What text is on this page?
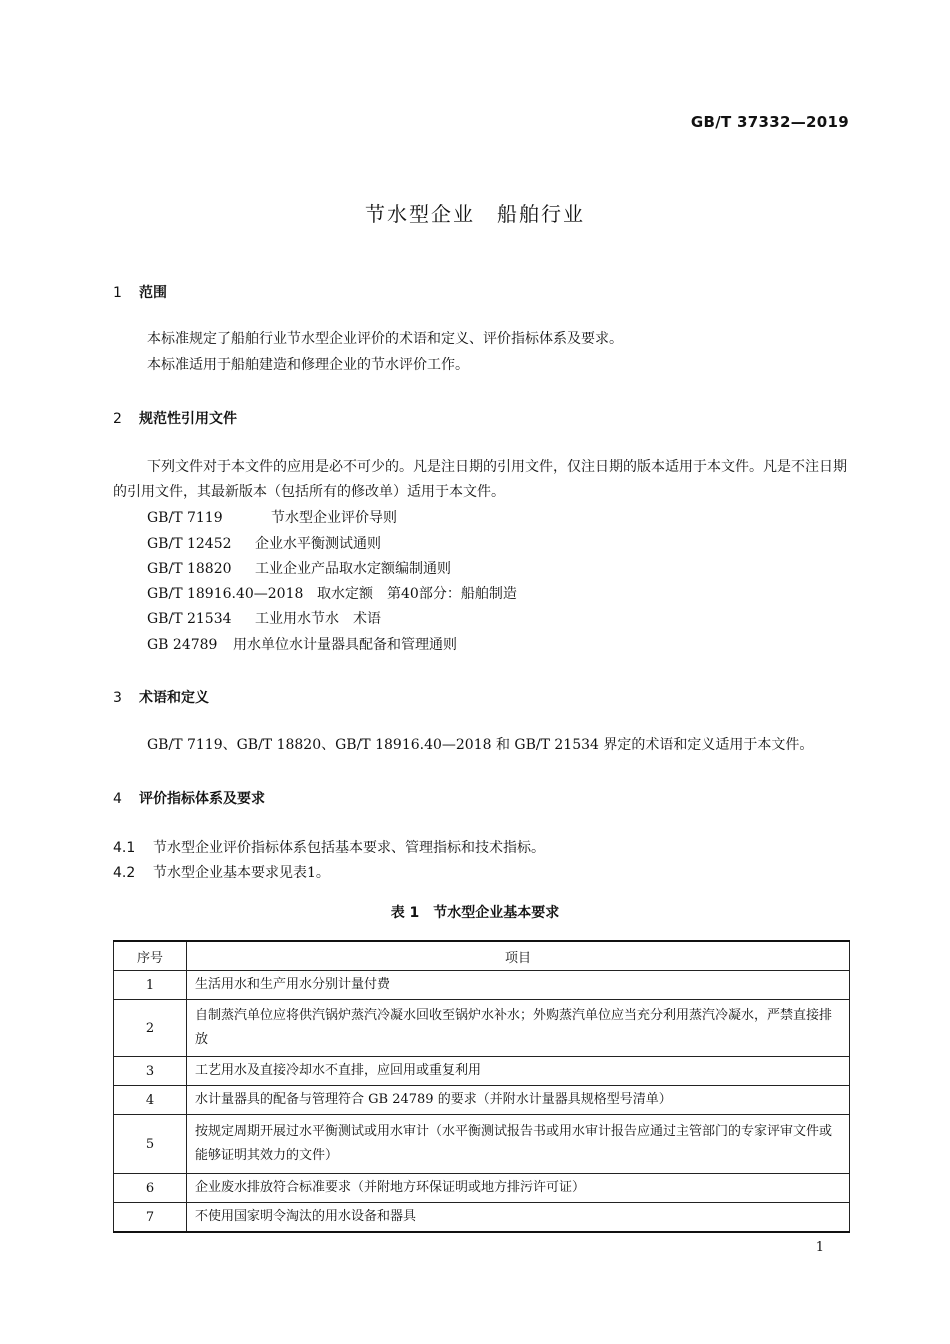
GB/T 37332—2019
节水型企业　船舶行业
1 范围
本标准规定了船舶行业节水型企业评价的术语和定义、评价指标体系及要求。
本标准适用于船舶建造和修理企业的节水评价工作。
2 规范性引用文件
下列文件对于本文件的应用是必不可少的。凡是注日期的引用文件，仅注日期的版本适用于本文件。凡是不注日期的引用文件，其最新版本（包括所有的修改单）适用于本文件。
GB/T 7119	节水型企业评价导则
GB/T 12452 企业水平衡测试通则
GB/T 18820 工业企业产品取水定额编制通则
GB/T 18916.40—2018 取水定额　第40部分：船舶制造
GB/T 21534 工业用水节水　术语
GB 24789 用水单位水计量器具配备和管理通则
3 术语和定义
GB/T 7119、GB/T 18820、GB/T 18916.40—2018 和 GB/T 21534 界定的术语和定义适用于本文件。
4 评价指标体系及要求
4.1 节水型企业评价指标体系包括基本要求、管理指标和技术指标。
4.2 节水型企业基本要求见表1。
表 1　节水型企业基本要求
序号	项目
1	生活用水和生产用水分别计量付费
2	自制蒸汽单位应将供汽锅炉蒸汽冷凝水回收至锅炉水补水；外购蒸汽单位应当充分利用蒸汽冷凝水，严禁直接排放
3	工艺用水及直接冷却水不直排，应回用或重复利用
4	水计量器具的配备与管理符合 GB 24789 的要求（并附水计量器具规格型号清单）
5	按规定周期开展过水平衡测试或用水审计（水平衡测试报告书或用水审计报告应通过主管部门的专家评审文件或能够证明其效力的文件）
6	企业废水排放符合标准要求（并附地方环保证明或地方排污许可证）
7	不使用国家明令淘汰的用水设备和器具
1
